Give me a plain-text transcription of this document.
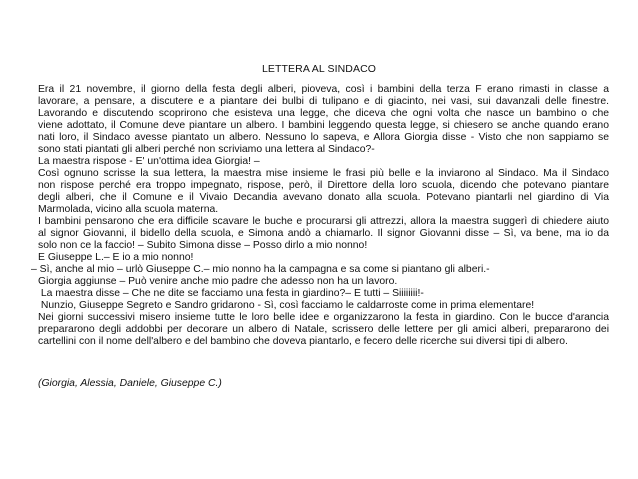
LETTERA AL SINDACO
Era il 21 novembre, il giorno della festa degli alberi, pioveva, così i bambini della terza F erano rimasti in classe a
lavorare, a pensare, a discutere e a piantare dei bulbi di tulipano e di giacinto, nei vasi, sui davanzali delle finestre.
Lavorando e discutendo scoprirono che esisteva una legge, che diceva che ogni volta che nasce un bambino o che
viene adottato, il Comune deve piantare un albero. I bambini leggendo questa legge, si chiesero se anche quando erano
nati loro, il Sindaco avesse piantato un albero. Nessuno lo sapeva, e Allora Giorgia disse - Visto che non sappiamo se
sono stati piantati gli alberi perché non scriviamo una lettera al Sindaco?-
La maestra rispose - E' un'ottima idea Giorgia! –
Così ognuno scrisse la sua lettera, la maestra mise insieme le frasi più belle e la inviarono al Sindaco. Ma il Sindaco
non rispose perché era troppo impegnato, rispose, però, il Direttore della loro scuola, dicendo che potevano piantare
degli alberi, che il Comune e il Vivaio Decandia avevano donato alla scuola. Potevano piantarli nel giardino di Via
Marmolada, vicino alla scuola materna.
I bambini pensarono che era difficile scavare le buche e procurarsi gli attrezzi, allora la maestra suggerì di chiedere aiuto
al signor Giovanni, il bidello della scuola, e Simona andò a chiamarlo. Il signor Giovanni disse – Sì, va bene, ma io da
solo non ce la faccio! – Subito Simona disse – Posso dirlo a mio nonno!
E Giuseppe L.– E io a mio nonno!
– Sì, anche al mio – urlò Giuseppe C.– mio nonno ha la campagna e sa come si piantano gli alberi.-
Giorgia aggiunse – Può venire anche mio padre che adesso non ha un lavoro.
La maestra disse – Che ne dite se facciamo una festa in giardino?– E tutti – Siiiiiiii!-
Nunzio, Giuseppe Segreto e Sandro gridarono - Sì, così facciamo le caldarroste come in prima elementare!
Nei giorni successivi misero insieme tutte le loro belle idee e organizzarono la festa in giardino. Con le bucce d'arancia
prepararono degli addobbi per decorare un albero di Natale, scrissero delle lettere per gli amici alberi, prepararono dei
cartellini con il nome dell'albero e del bambino che doveva piantarlo, e fecero delle ricerche sui diversi tipi di albero.
(Giorgia, Alessia, Daniele, Giuseppe C.)
